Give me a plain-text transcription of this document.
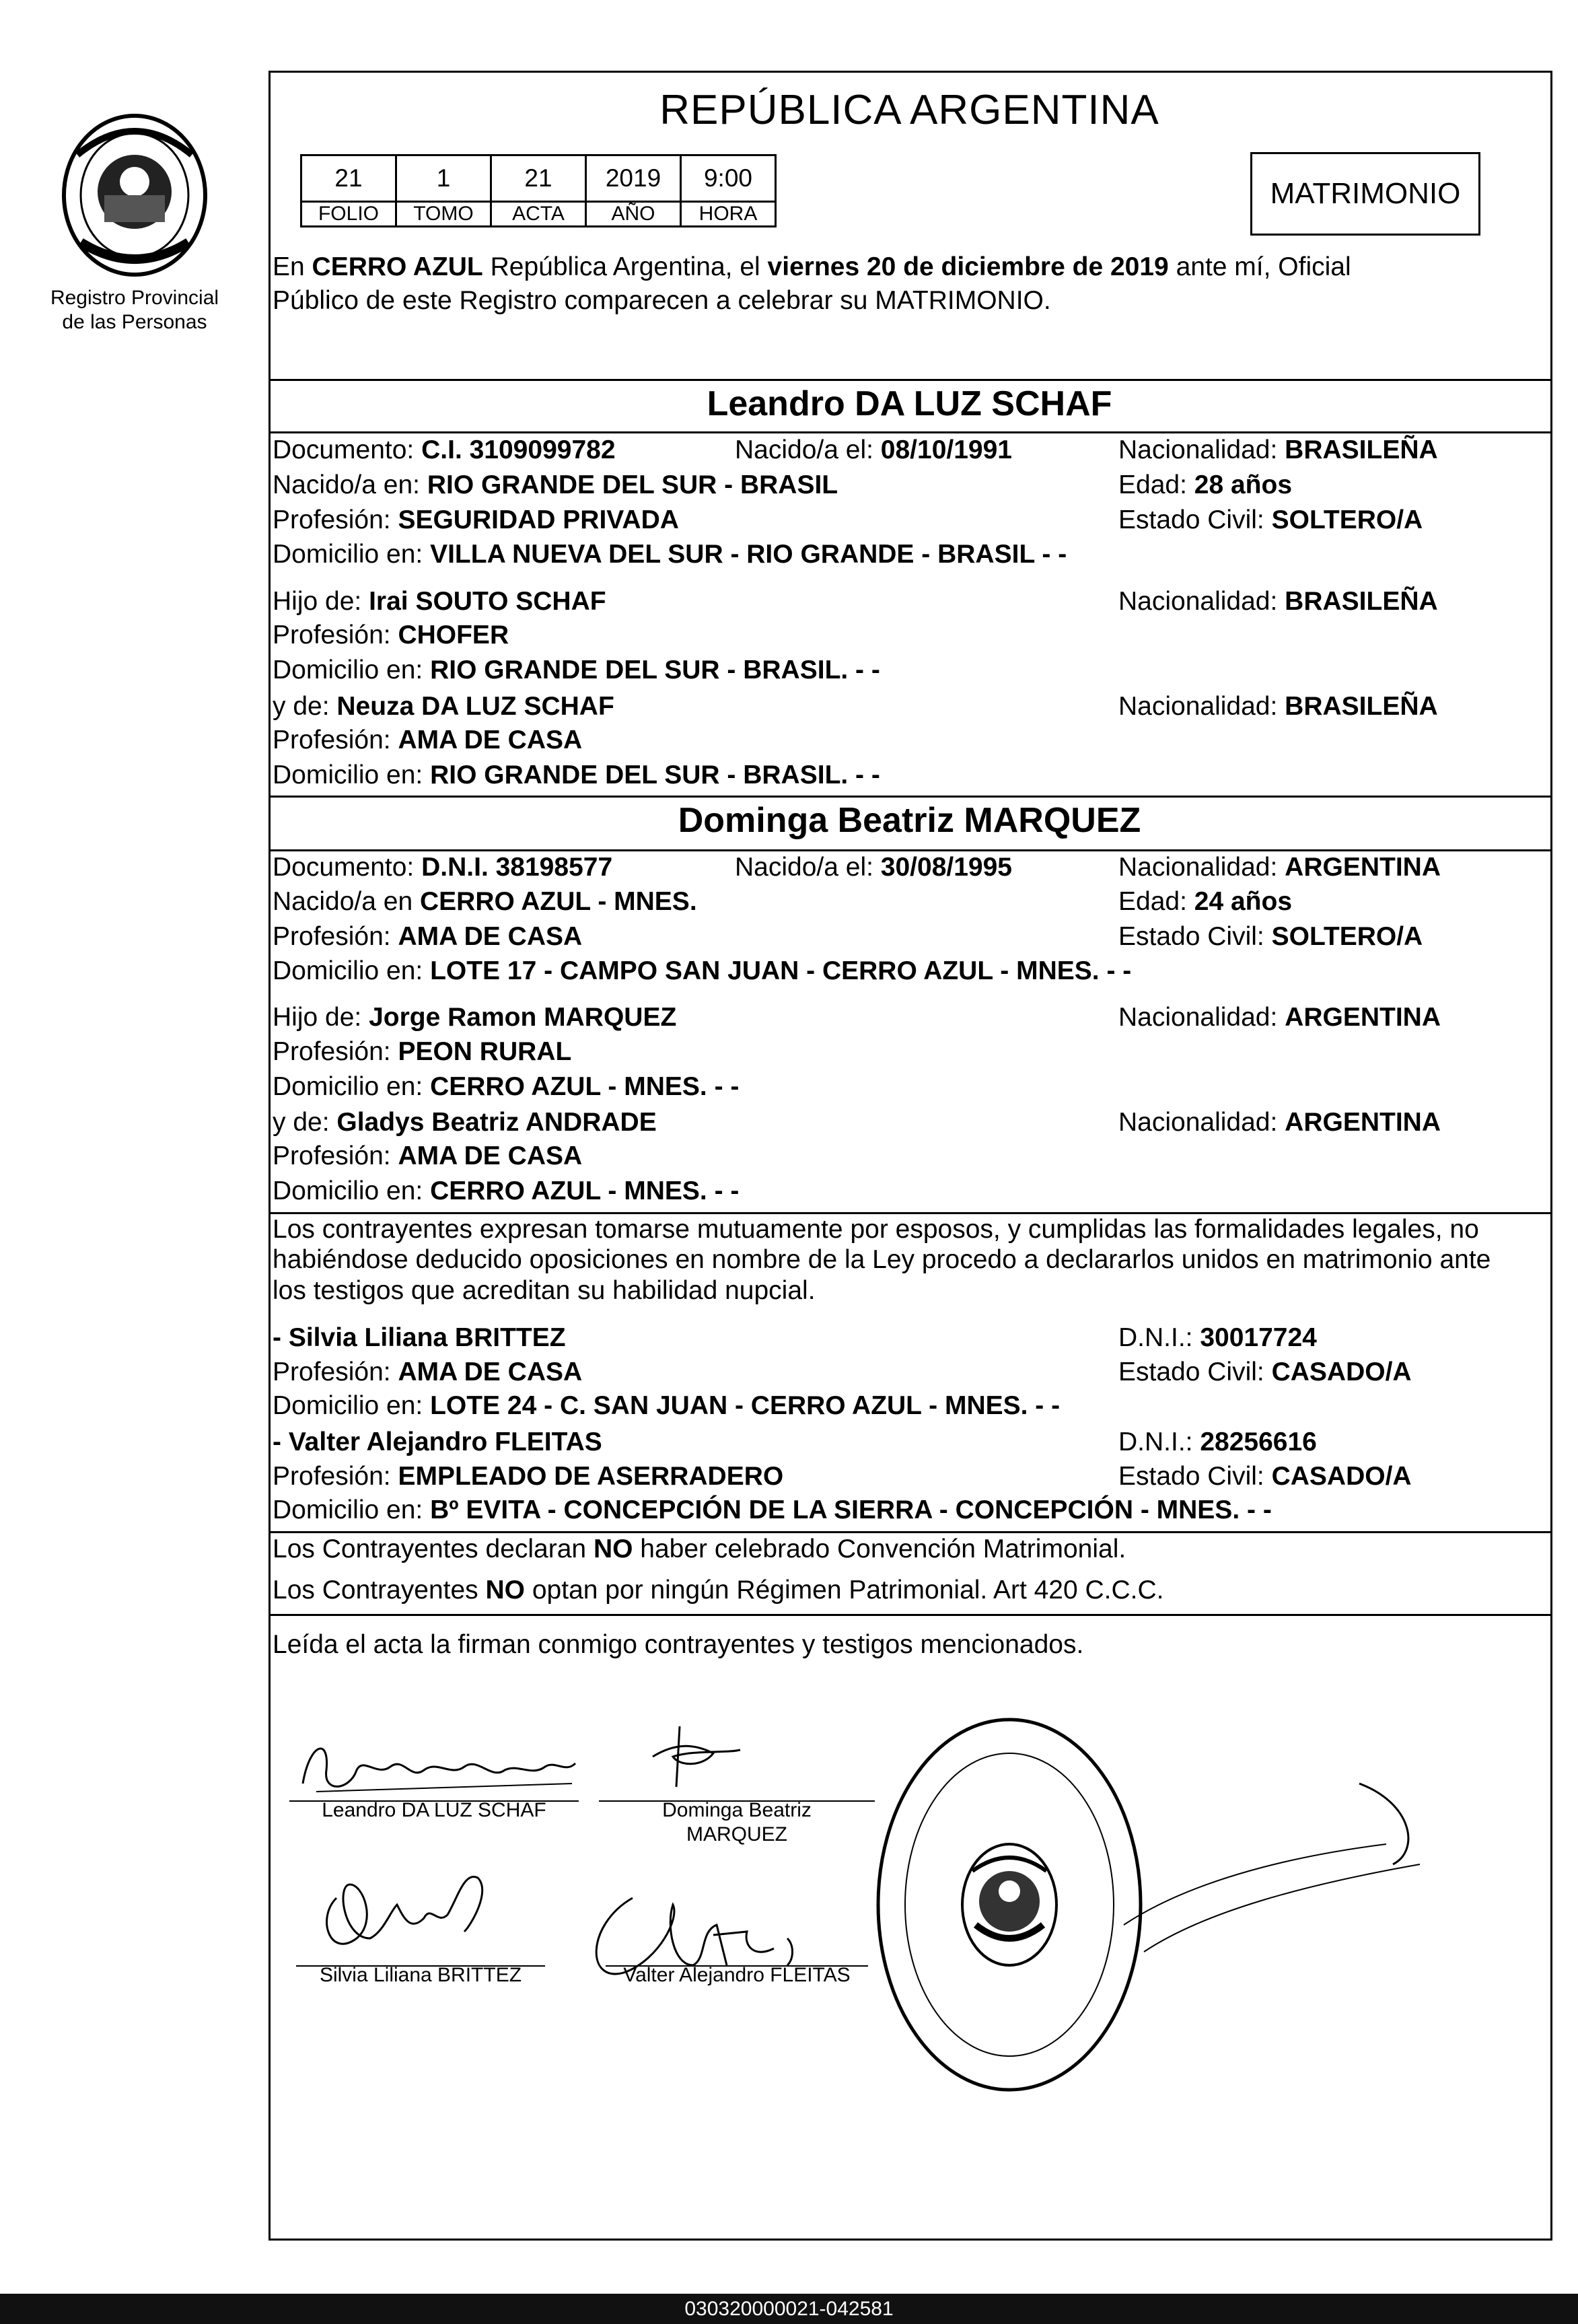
Registro Provincial
de las Personas
REPÚBLICA ARGENTINA
21	1	21	2019	9:00
FOLIO	TOMO	ACTA	AÑO	HORA
MATRIMONIO
En CERRO AZUL República Argentina, el viernes 20 de diciembre de 2019 ante mí, Oficial
Público de este Registro comparecen a celebrar su MATRIMONIO.
Leandro DA LUZ SCHAF
Documento: C.I. 3109099782	Nacido/a el: 08/10/1991	Nacionalidad: BRASILEÑA
Nacido/a en: RIO GRANDE DEL SUR - BRASIL	Edad: 28 años
Profesión: SEGURIDAD PRIVADA	Estado Civil: SOLTERO/A
Domicilio en: VILLA NUEVA DEL SUR - RIO GRANDE - BRASIL - -
Hijo de: Irai SOUTO SCHAF	Nacionalidad: BRASILEÑA
Profesión: CHOFER
Domicilio en: RIO GRANDE DEL SUR - BRASIL. - -
y de: Neuza DA LUZ SCHAF	Nacionalidad: BRASILEÑA
Profesión: AMA DE CASA
Domicilio en: RIO GRANDE DEL SUR - BRASIL. - -
Dominga Beatriz MARQUEZ
Documento: D.N.I. 38198577	Nacido/a el: 30/08/1995	Nacionalidad: ARGENTINA
Nacido/a en CERRO AZUL - MNES.	Edad: 24 años
Profesión: AMA DE CASA	Estado Civil: SOLTERO/A
Domicilio en: LOTE 17 - CAMPO SAN JUAN - CERRO AZUL - MNES. - -
Hijo de: Jorge Ramon MARQUEZ	Nacionalidad: ARGENTINA
Profesión: PEON RURAL
Domicilio en: CERRO AZUL - MNES. - -
y de: Gladys Beatriz ANDRADE	Nacionalidad: ARGENTINA
Profesión: AMA DE CASA
Domicilio en: CERRO AZUL - MNES. - -
Los contrayentes expresan tomarse mutuamente por esposos, y cumplidas las formalidades legales, no
habiéndose deducido oposiciones en nombre de la Ley procedo a declararlos unidos en matrimonio ante
los testigos que acreditan su habilidad nupcial.
- Silvia Liliana BRITTEZ	D.N.I.: 30017724
Profesión: AMA DE CASA	Estado Civil: CASADO/A
Domicilio en: LOTE 24 - C. SAN JUAN - CERRO AZUL - MNES. - -
- Valter Alejandro FLEITAS	D.N.I.: 28256616
Profesión: EMPLEADO DE ASERRADERO	Estado Civil: CASADO/A
Domicilio en: Bº EVITA - CONCEPCIÓN DE LA SIERRA - CONCEPCIÓN - MNES. - -
Los Contrayentes declaran NO haber celebrado Convención Matrimonial.
Los Contrayentes NO optan por ningún Régimen Patrimonial. Art 420 C.C.C.
Leída el acta la firman conmigo contrayentes y testigos mencionados.
Leandro DA LUZ SCHAF	Dominga Beatriz
MARQUEZ
Silvia Liliana BRITTEZ	Valter Alejandro FLEITAS
030320000021-042581
